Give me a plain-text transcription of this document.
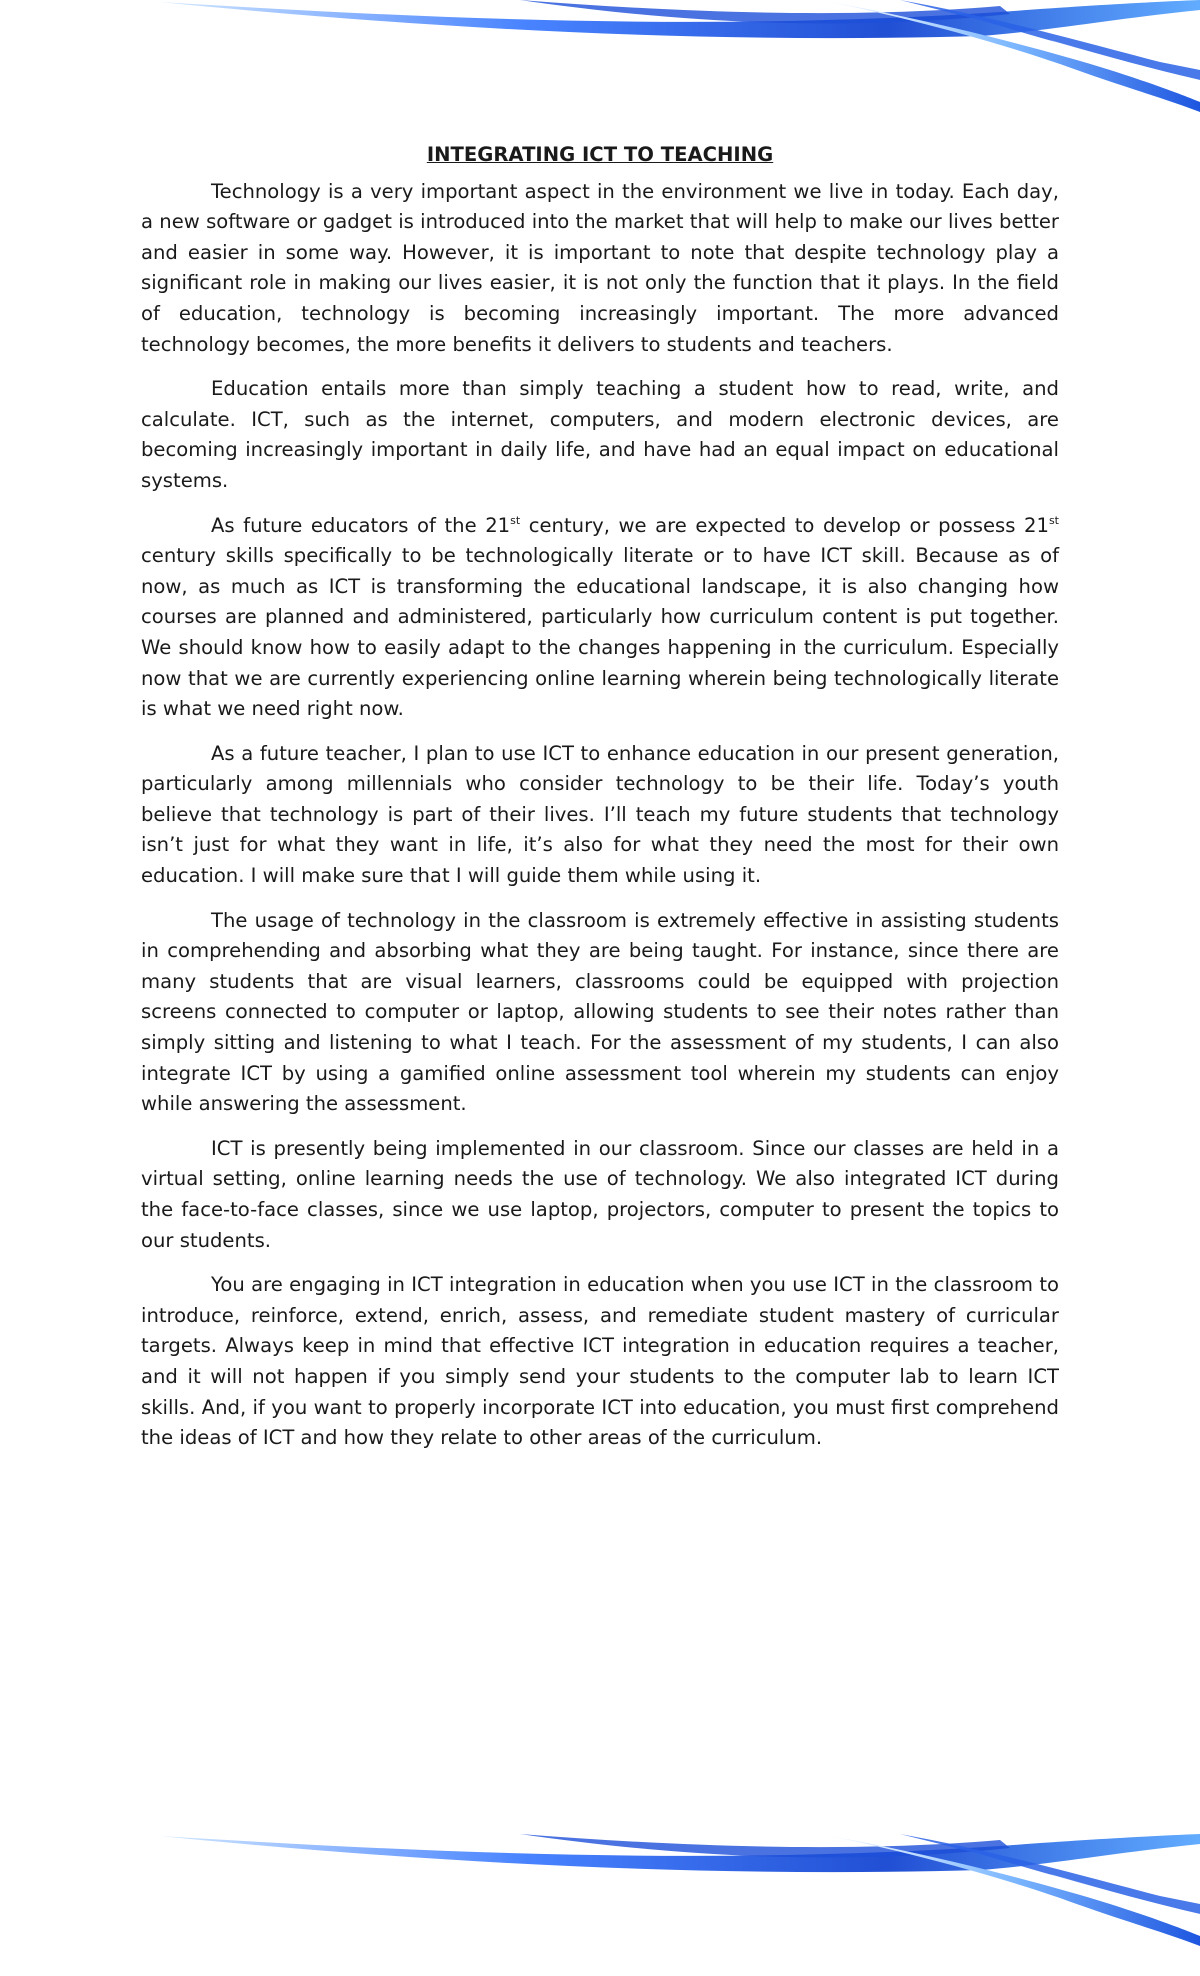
INTEGRATING ICT TO TEACHING

Technology is a very important aspect in the environment we live in today. Each day, a new software or gadget is introduced into the market that will help to make our lives better and easier in some way. However, it is important to note that despite technology play a significant role in making our lives easier, it is not only the function that it plays. In the field of education, technology is becoming increasingly important. The more advanced technology becomes, the more benefits it delivers to students and teachers.

Education entails more than simply teaching a student how to read, write, and calculate. ICT, such as the internet, computers, and modern electronic devices, are becoming increasingly important in daily life, and have had an equal impact on educational systems.

As future educators of the 21st century, we are expected to develop or possess 21st century skills specifically to be technologically literate or to have ICT skill. Because as of now, as much as ICT is transforming the educational landscape, it is also changing how courses are planned and administered, particularly how curriculum content is put together. We should know how to easily adapt to the changes happening in the curriculum. Especially now that we are currently experiencing online learning wherein being technologically literate is what we need right now.

As a future teacher, I plan to use ICT to enhance education in our present generation, particularly among millennials who consider technology to be their life. Today’s youth believe that technology is part of their lives. I’ll teach my future students that technology isn’t just for what they want in life, it’s also for what they need the most for their own education. I will make sure that I will guide them while using it.

The usage of technology in the classroom is extremely effective in assisting students in comprehending and absorbing what they are being taught. For instance, since there are many students that are visual learners, classrooms could be equipped with projection screens connected to computer or laptop, allowing students to see their notes rather than simply sitting and listening to what I teach. For the assessment of my students, I can also integrate ICT by using a gamified online assessment tool wherein my students can enjoy while answering the assessment.

ICT is presently being implemented in our classroom. Since our classes are held in a virtual setting, online learning needs the use of technology. We also integrated ICT during the face-to-face classes, since we use laptop, projectors, computer to present the topics to our students.

You are engaging in ICT integration in education when you use ICT in the classroom to introduce, reinforce, extend, enrich, assess, and remediate student mastery of curricular targets. Always keep in mind that effective ICT integration in education requires a teacher, and it will not happen if you simply send your students to the computer lab to learn ICT skills. And, if you want to properly incorporate ICT into education, you must first comprehend the ideas of ICT and how they relate to other areas of the curriculum.
